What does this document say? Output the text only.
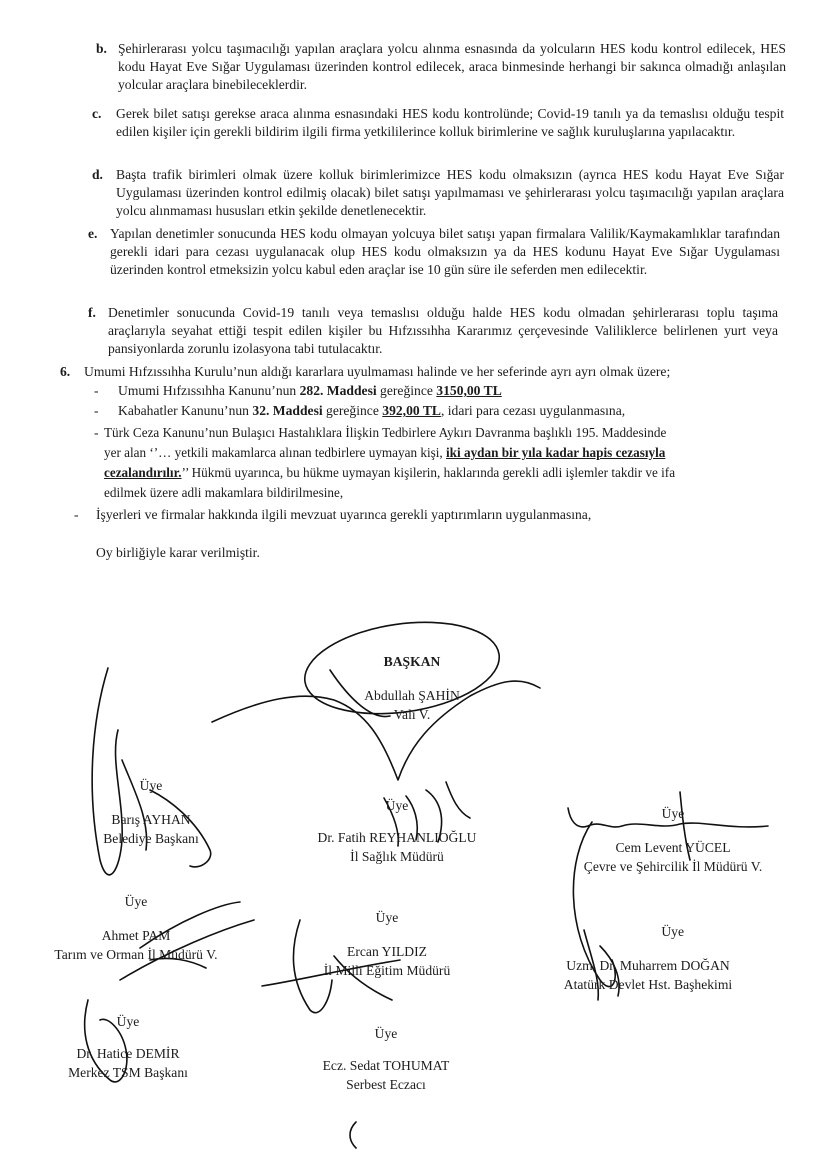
b. Şehirlerarası yolcu taşımacılığı yapılan araçlara yolcu alınma esnasında da yolcuların HES kodu kontrol edilecek, HES kodu Hayat Eve Sığar Uygulaması üzerinden kontrol edilecek, araca binmesinde herhangi bir sakınca olmadığı anlaşılan yolcular araçlara binebileceklerdir.

c. Gerek bilet satışı gerekse araca alınma esnasındaki HES kodu kontrolünde; Covid-19 tanılı ya da temaslısı olduğu tespit edilen kişiler için gerekli bildirim ilgili firma yetkililerince kolluk birimlerine ve sağlık kuruluşlarına yapılacaktır.

d. Başta trafik birimleri olmak üzere kolluk birimlerimizce HES kodu olmaksızın (ayrıca HES kodu Hayat Eve Sığar Uygulaması üzerinden kontrol edilmiş olacak) bilet satışı yapılmaması ve şehirlerarası yolcu taşımacılığı yapılan araçlara yolcu alınmaması hususları etkin şekilde denetlenecektir.

e. Yapılan denetimler sonucunda HES kodu olmayan yolcuya bilet satışı yapan firmalara Valilik/Kaymakamlıklar tarafından gerekli idari para cezası uygulanacak olup HES kodu olmaksızın ya da HES kodunu Hayat Eve Sığar Uygulaması üzerinden kontrol etmeksizin yolcu kabul eden araçlar ise 10 gün süre ile seferden men edilecektir.

f. Denetimler sonucunda Covid-19 tanılı veya temaslısı olduğu halde HES kodu olmadan şehirlerarası toplu taşıma araçlarıyla seyahat ettiği tespit edilen kişiler bu Hıfzıssıhha Kararımız çerçevesinde Valiliklerce belirlenen yurt veya pansiyonlarda zorunlu izolasyona tabi tutulacaktır.

6. Umumi Hıfzıssıhha Kurulu’nun aldığı kararlara uyulmaması halinde ve her seferinde ayrı ayrı olmak üzere;

- Umumi Hıfzıssıhha Kanunu’nun 282. Maddesi gereğince 3150,00 TL
- Kabahatler Kanunu’nun 32. Maddesi gereğince 392,00 TL, idari para cezası uygulanmasına,
- Türk Ceza Kanunu’nun Bulaşıcı Hastalıklara İlişkin Tedbirlere Aykırı Davranma başlıklı 195. Maddesinde
yer alan ‘’… yetkili makamlarca alınan tedbirlere uymayan kişi, iki aydan bir yıla kadar hapis cezasıyla
cezalandırılır.’’ Hükmü uyarınca, bu hükme uymayan kişilerin, haklarında gerekli adli işlemler takdir ve ifa
edilmek üzere adli makamlara bildirilmesine,
- İşyerleri ve firmalar hakkında ilgili mevzuat uyarınca gerekli yaptırımların uygulanmasına,
Oy birliğiyle karar verilmiştir.
BAŞKAN
Abdullah ŞAHİN
Vali V.
Üye
Barış AYHAN
Belediye Başkanı
Üye
Dr. Fatih REYHANLIOĞLU
İl Sağlık Müdürü
Üye
Cem Levent YÜCEL
Çevre ve Şehircilik İl Müdürü V.
Üye
Ahmet PAM
Tarım ve Orman İl Müdürü V.
Üye
Ercan YILDIZ
İl Milli Eğitim Müdürü
Üye
Uzm. Dr. Muharrem DOĞAN
Atatürk Devlet Hst. Başhekimi
Üye
Dr. Hatice DEMİR
Merkez TSM Başkanı
Üye
Ecz. Sedat TOHUMAT
Serbest Eczacı
